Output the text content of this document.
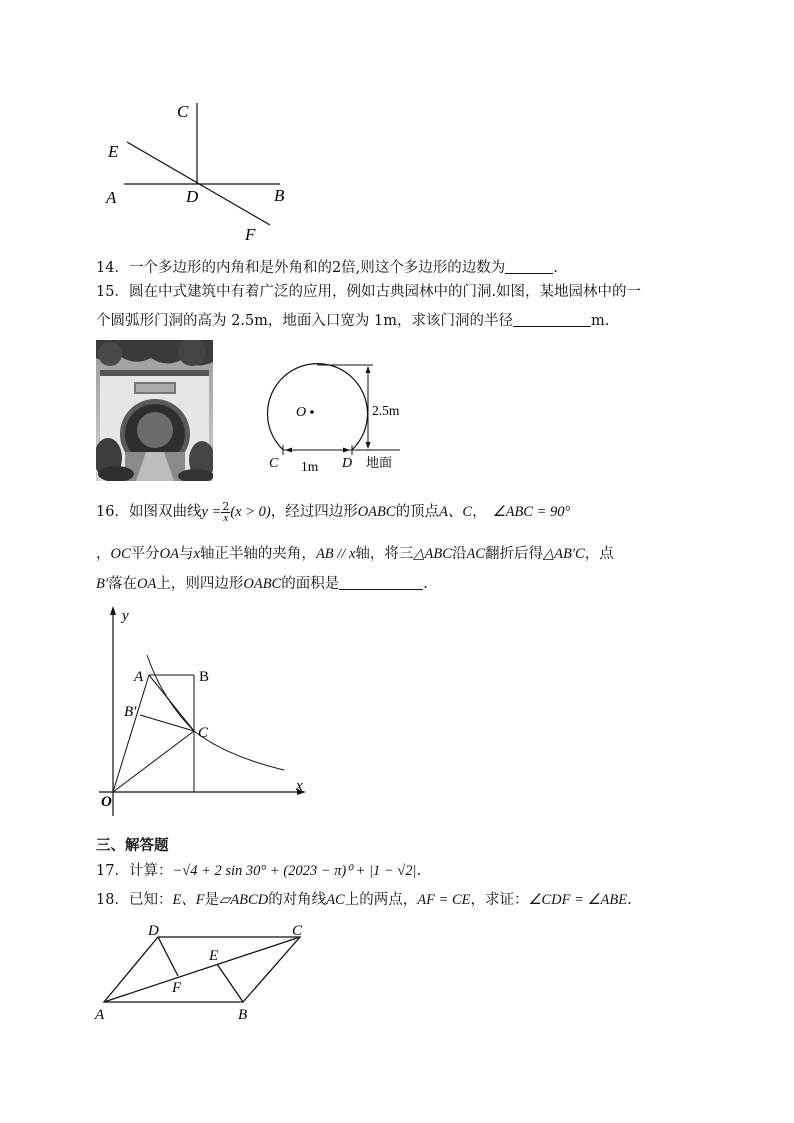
C
E
A	D	B
F
14．一个多边形的内角和是外角和的2倍,则这个多边形的边数为	.
15．圆在中式建筑中有着广泛的应用，例如古典园林中的门洞.如图，某地园林中的一
个圆弧形门洞的高为 2.5m，地面入口宽为 1m，求该门洞的半径	m.
O	2.5m
C 1m D 地面
16．如图双曲线$y = \frac{2}{x} (x > 0)$，经过四边形OABC的顶点A、C， ∠ABC = 90°
，OC平分OA与x轴正半轴的夹角，AB // x轴，将三△ABC沿AC翻折后得△AB′C，点
B′落在OA上，则四边形OABC的面积是	.
y
A	B
B′
C
O
x
三、解答题
17．计算：−√4 + 2 sin 30° + (2023 − π)⁰ + |1 − √2|.
18．已知：E、F是▱ABCD的对角线AC上的两点，AF = CE，求证：∠CDF = ∠ABE.
D	C
E
F
A	B
